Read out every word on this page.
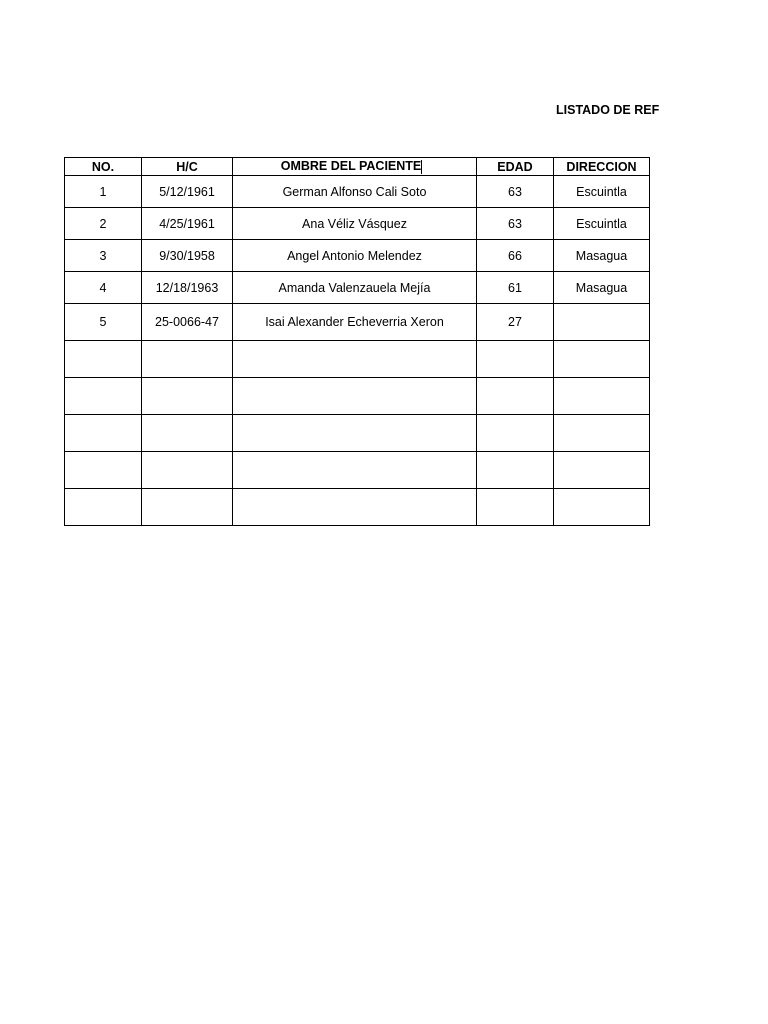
LISTADO DE REF
NO.	H/C	OMBRE DEL PACIENTE	EDAD	DIRECCION
1	5/12/1961	German Alfonso Cali Soto	63	Escuintla
2	4/25/1961	Ana Véliz Vásquez	63	Escuintla
3	9/30/1958	Angel Antonio Melendez	66	Masagua
4	12/18/1963	Amanda Valenzauela Mejía	61	Masagua
5	25-0066-47	Isai Alexander Echeverria Xeron	27	
